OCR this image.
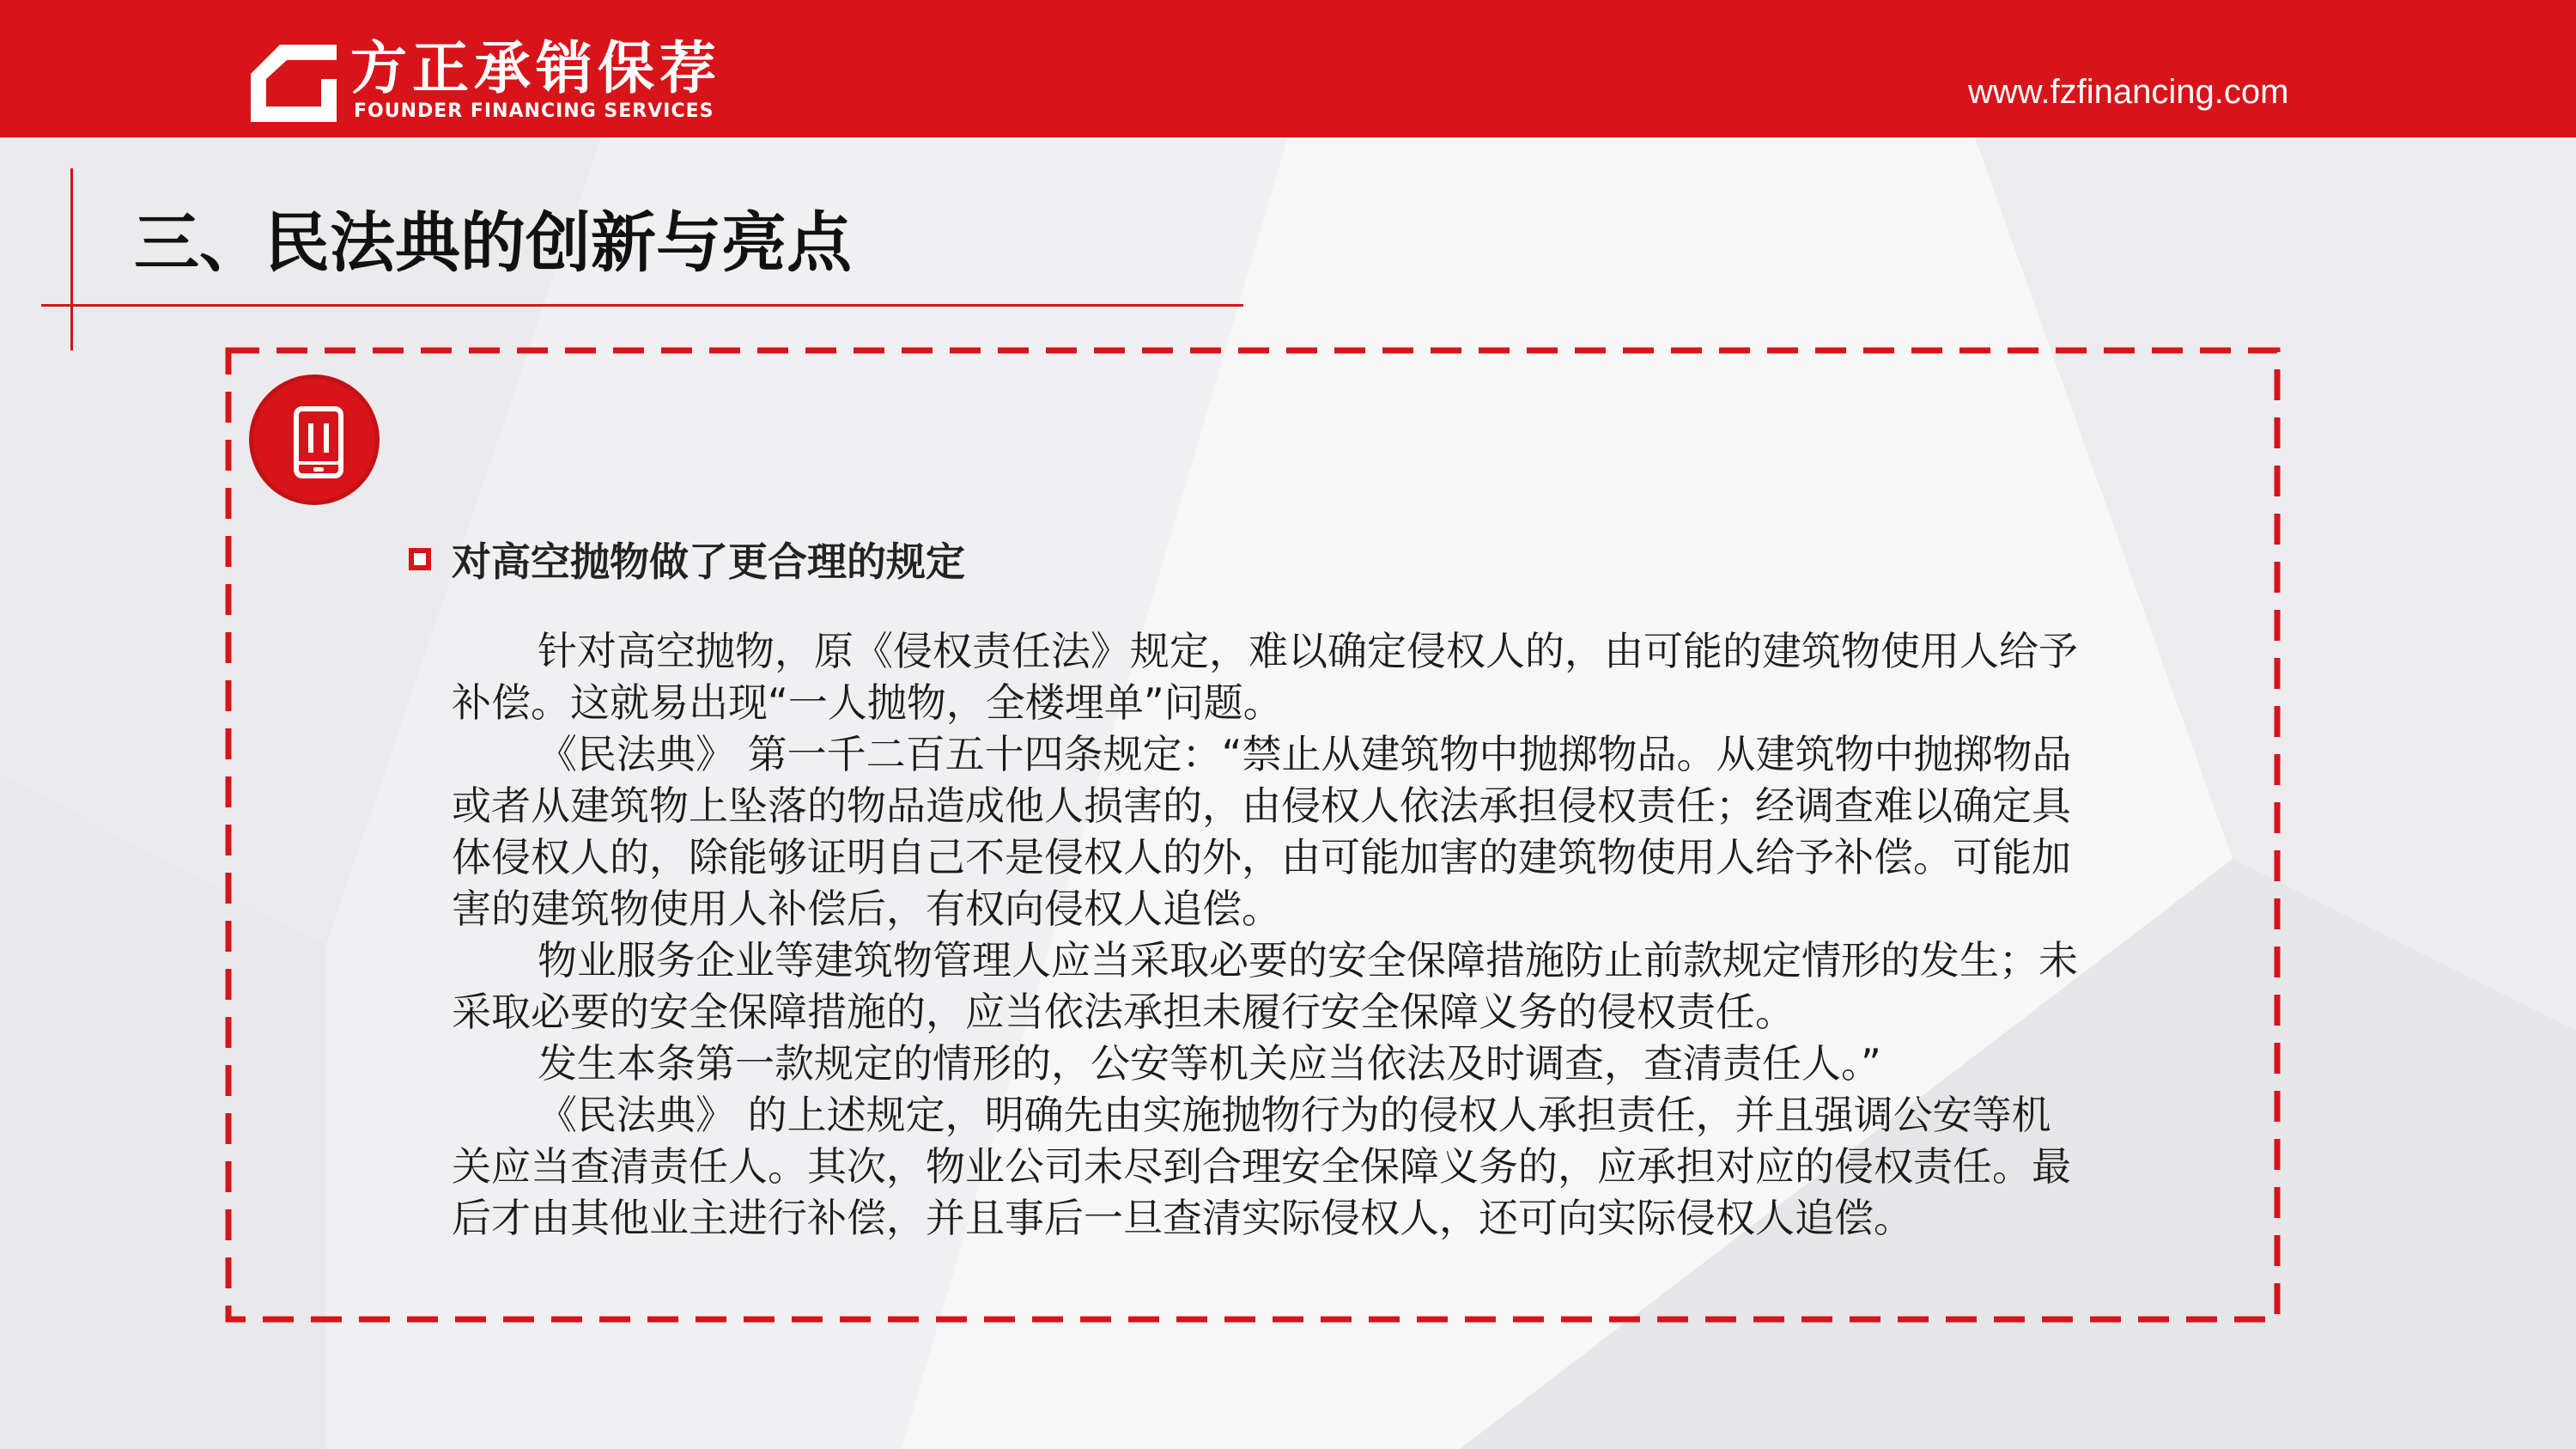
方正承销保荐
FOUNDER FINANCING SERVICES
www.fzfinancing.com
三、民法典的创新与亮点
对高空抛物做了更合理的规定

针对高空抛物，原《侵权责任法》规定，难以确定侵权人的，由可能的建筑物使用人给予补偿。这就易出现“一人抛物，全楼埋单”问题。

《民法典》 第一千二百五十四条规定：“禁止从建筑物中抛掷物品。从建筑物中抛掷物品或者从建筑物上坠落的物品造成他人损害的，由侵权人依法承担侵权责任；经调查难以确定具体侵权人的，除能够证明自己不是侵权人的外，由可能加害的建筑物使用人给予补偿。可能加害的建筑物使用人补偿后，有权向侵权人追偿。

物业服务企业等建筑物管理人应当采取必要的安全保障措施防止前款规定情形的发生；未采取必要的安全保障措施的，应当依法承担未履行安全保障义务的侵权责任。

发生本条第一款规定的情形的，公安等机关应当依法及时调查，查清责任人。”

《民法典》 的上述规定，明确先由实施抛物行为的侵权人承担责任，并且强调公安等机关应当查清责任人。其次，物业公司未尽到合理安全保障义务的，应承担对应的侵权责任。最后才由其他业主进行补偿，并且事后一旦查清实际侵权人，还可向实际侵权人追偿。
